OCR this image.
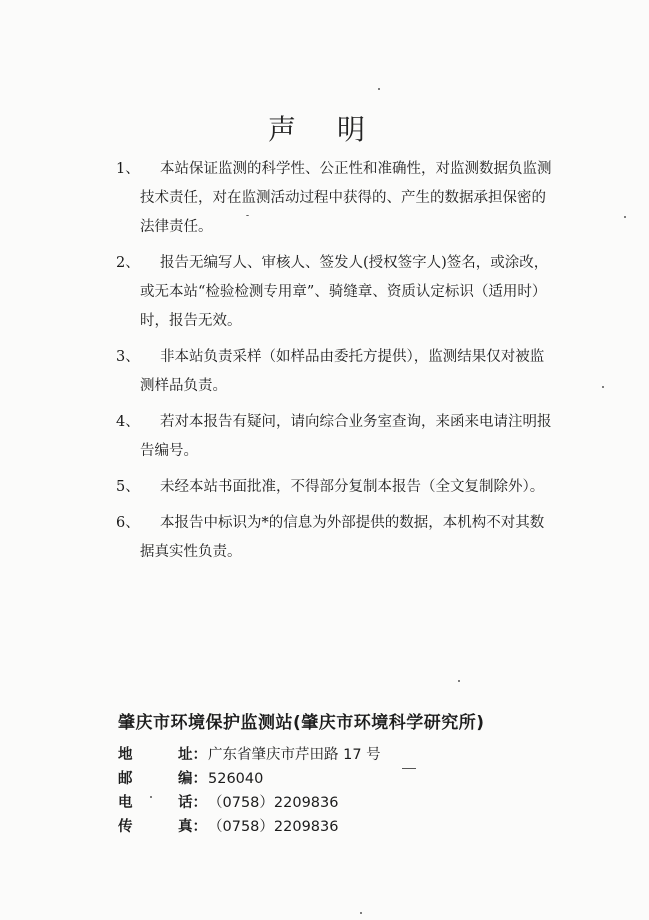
声 明
1、	本站保证监测的科学性、公正性和准确性，对监测数据负监测
技术责任，对在监测活动过程中获得的、产生的数据承担保密的
法律责任。
2、	报告无编写人、审核人、签发人(授权签字人)签名，或涂改，
或无本站“检验检测专用章”、骑缝章、资质认定标识（适用时）
时，报告无效。
3、	非本站负责采样（如样品由委托方提供），监测结果仅对被监
测样品负责。
4、	若对本报告有疑问，请向综合业务室查询，来函来电请注明报
告编号。
5、	未经本站书面批准，不得部分复制本报告（全文复制除外）。
6、	本报告中标识为*的信息为外部提供的数据，本机构不对其数
据真实性负责。
肇庆市环境保护监测站(肇庆市环境科学研究所)
地	址：广东省肇庆市芹田路 17 号
邮	编：526040
电	话：（0758）2209836
传	真：（0758）2209836
